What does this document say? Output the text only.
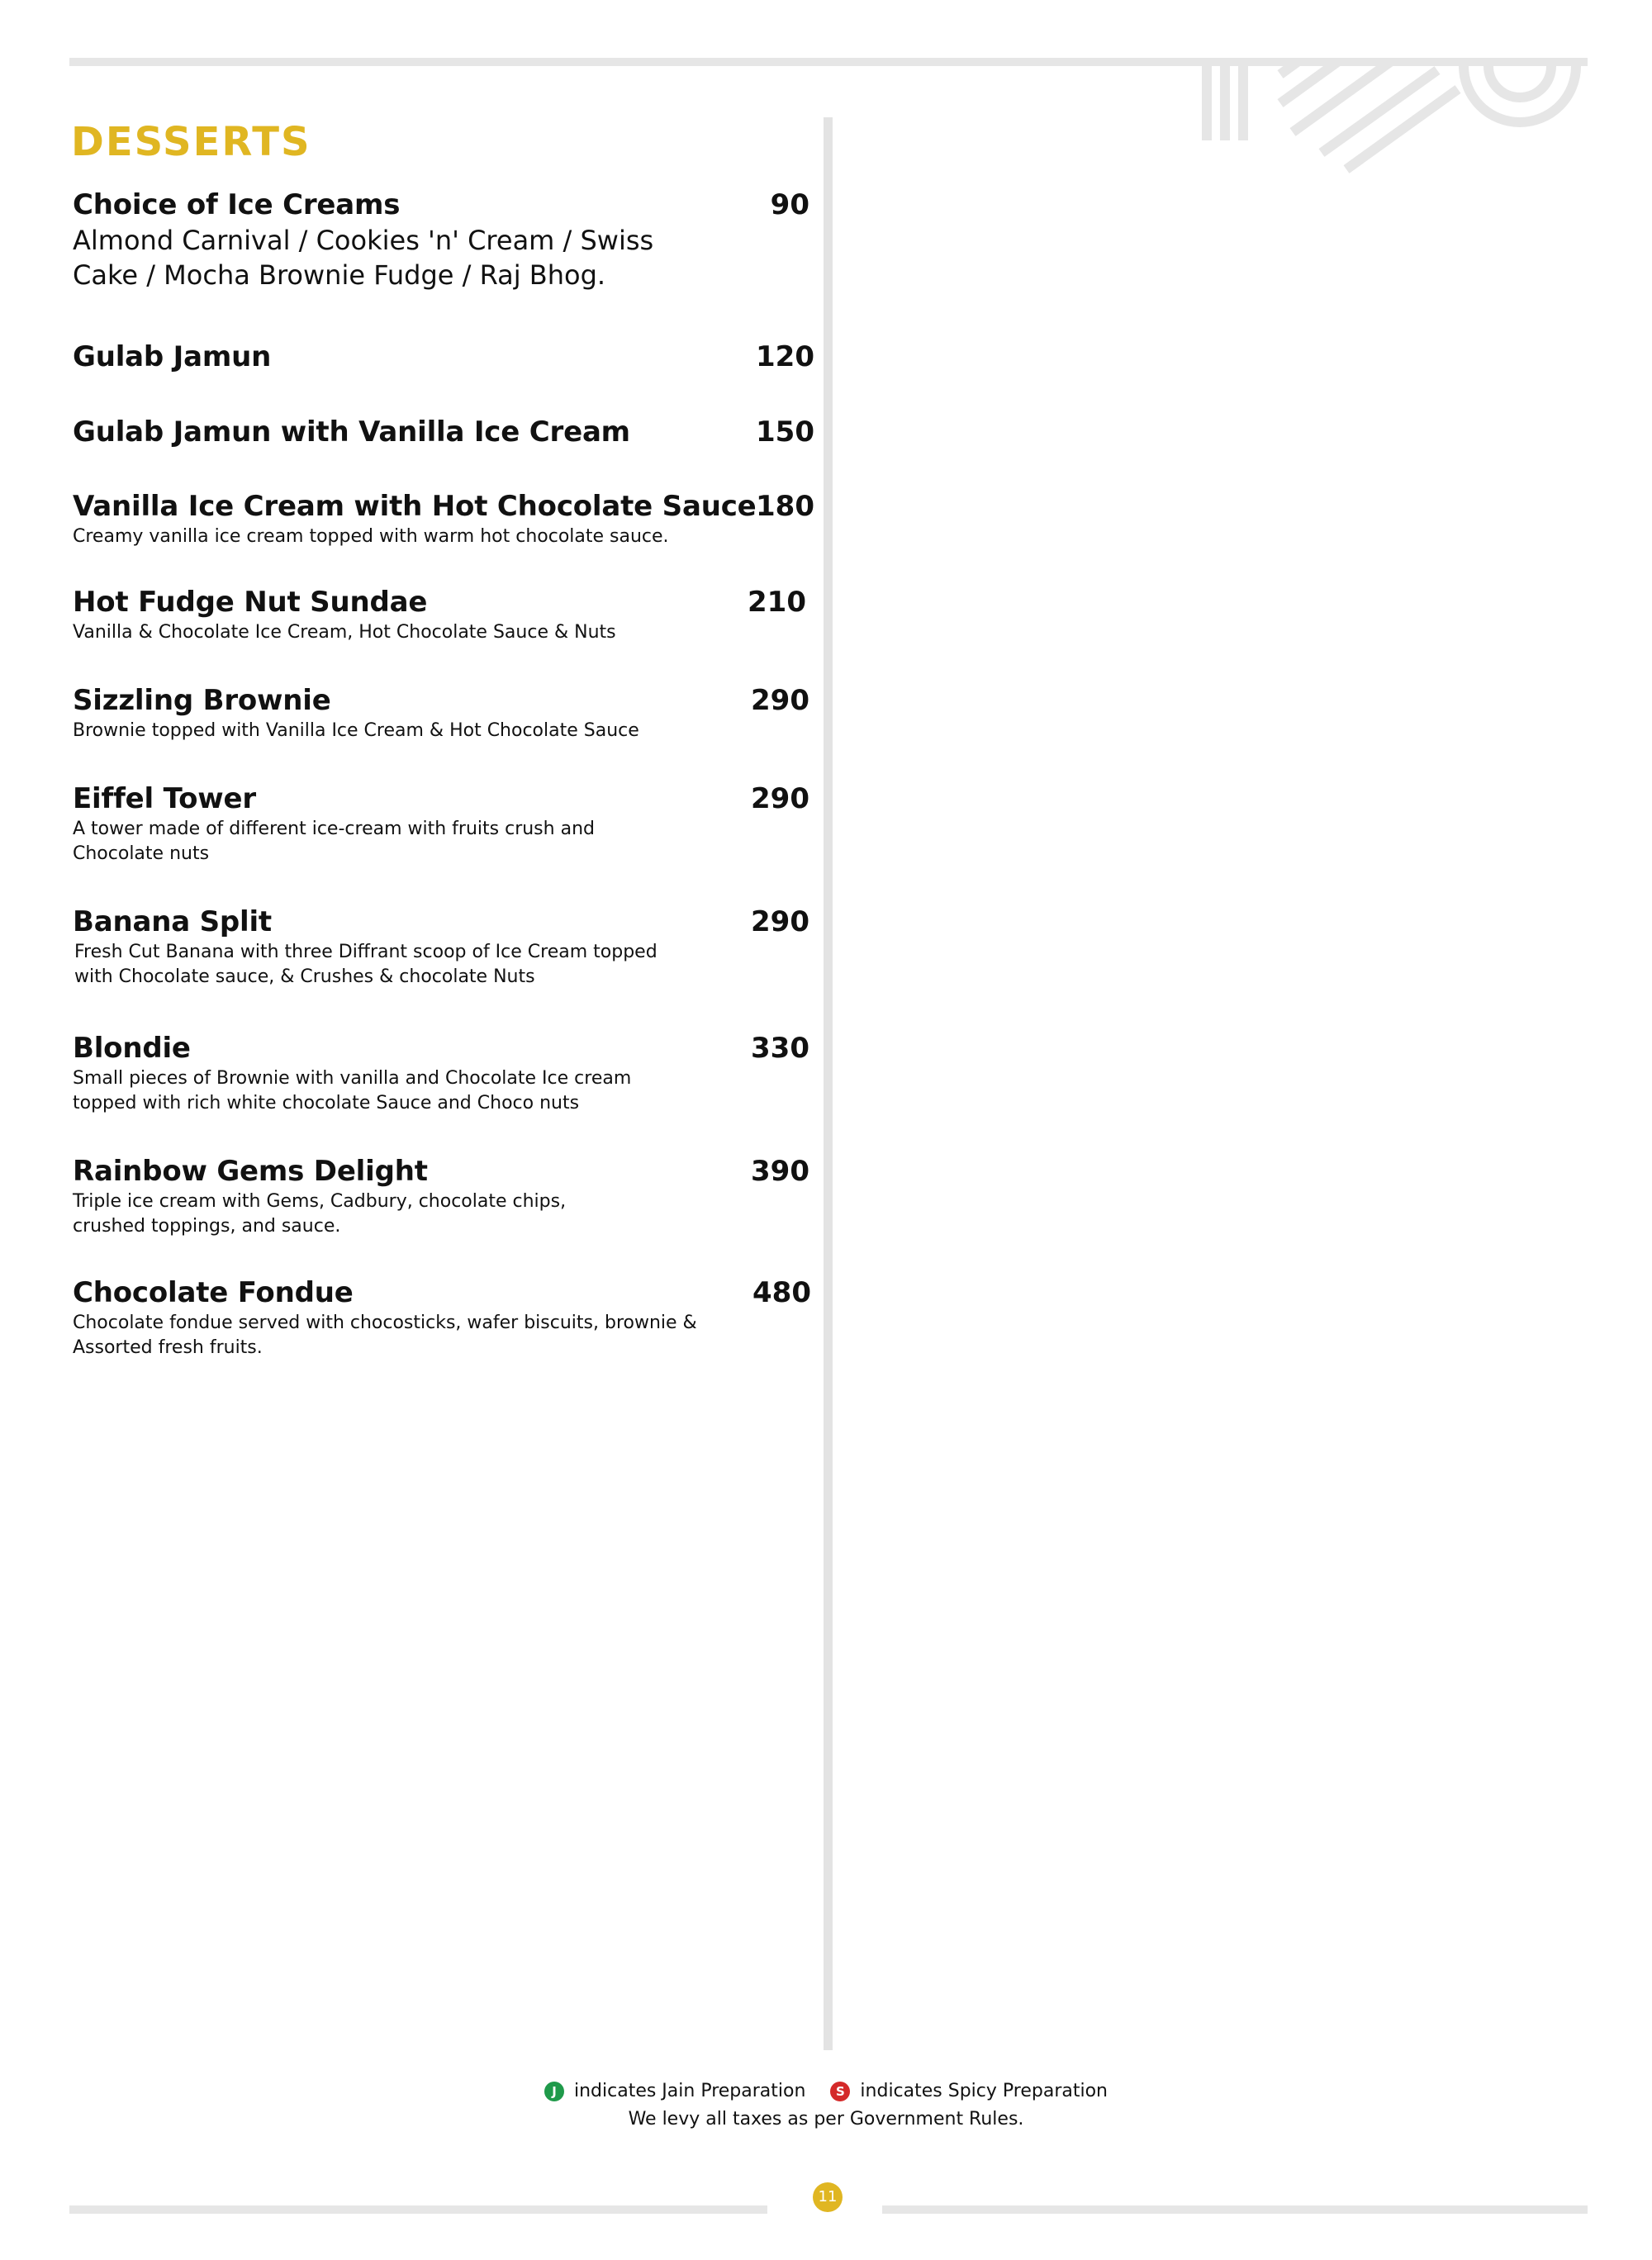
DESSERTS
Choice of Ice Creams	90
Almond Carnival / Cookies 'n' Cream / Swiss Cake / Mocha Brownie Fudge / Raj Bhog.
Gulab Jamun	120
Gulab Jamun with Vanilla Ice Cream	150
Vanilla Ice Cream with Hot Chocolate Sauce 180
Creamy vanilla ice cream topped with warm hot chocolate sauce.
Hot Fudge Nut Sundae	210
Vanilla & Chocolate Ice Cream, Hot Chocolate Sauce & Nuts
Sizzling Brownie	290
Brownie topped with Vanilla Ice Cream & Hot Chocolate Sauce
Eiffel Tower	290
A tower made of different ice-cream with fruits crush and Chocolate nuts
Banana Split	290
Fresh Cut Banana with three Diffrant scoop of Ice Cream topped with Chocolate sauce, & Crushes & chocolate Nuts
Blondie	330
Small pieces of Brownie with vanilla and Chocolate Ice cream topped with rich white chocolate Sauce and Choco nuts
Rainbow Gems Delight	390
Triple ice cream with Gems, Cadbury, chocolate chips, crushed toppings, and sauce.
Chocolate Fondue	480
Chocolate fondue served with chocosticks, wafer biscuits, brownie & Assorted fresh fruits.
J indicates Jain Preparation	S indicates Spicy Preparation
We levy all taxes as per Government Rules.
11
